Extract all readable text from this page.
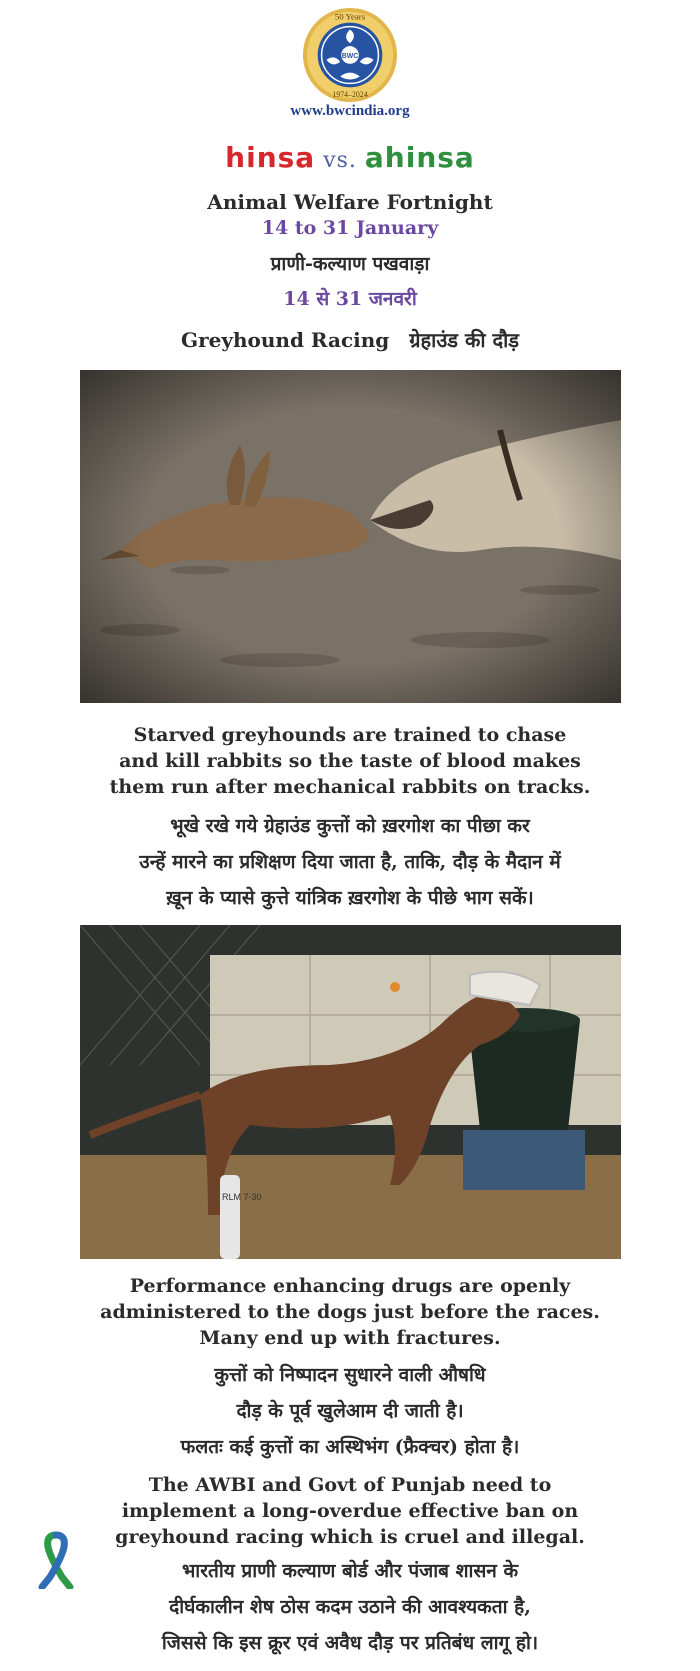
50 Years
BWC
1974–2024
www.bwcindia.org
hinsa vs. ahinsa
Animal Welfare Fortnight
14 to 31 January
प्राणी-कल्याण पखवाड़ा
14 से 31 जनवरी
Greyhound Racing ग्रेहाउंड की दौड़
Starved greyhounds are trained to chase
and kill rabbits so the taste of blood makes
them run after mechanical rabbits on tracks.
भूखे रखे गये ग्रेहाउंड कुत्तों को ख़रगोश का पीछा कर
उन्हें मारने का प्रशिक्षण दिया जाता है, ताकि, दौड़ के मैदान में
ख़ून के प्यासे कुत्ते यांत्रिक ख़रगोश के पीछे भाग सकें।
RLM 7-30
Performance enhancing drugs are openly
administered to the dogs just before the races.
Many end up with fractures.
कुत्तों को निष्पादन सुधारने वाली औषधि
दौड़ के पूर्व खुलेआम दी जाती है।
फलतः कई कुत्तों का अस्थिभंग (फ्रैक्चर) होता है।
The AWBI and Govt of Punjab need to
implement a long-overdue effective ban on
greyhound racing which is cruel and illegal.
भारतीय प्राणी कल्याण बोर्ड और पंजाब शासन के
दीर्घकालीन शेष ठोस कदम उठाने की आवश्यकता है,
जिससे कि इस क्रूर एवं अवैध दौड़ पर प्रतिबंध लागू हो।
